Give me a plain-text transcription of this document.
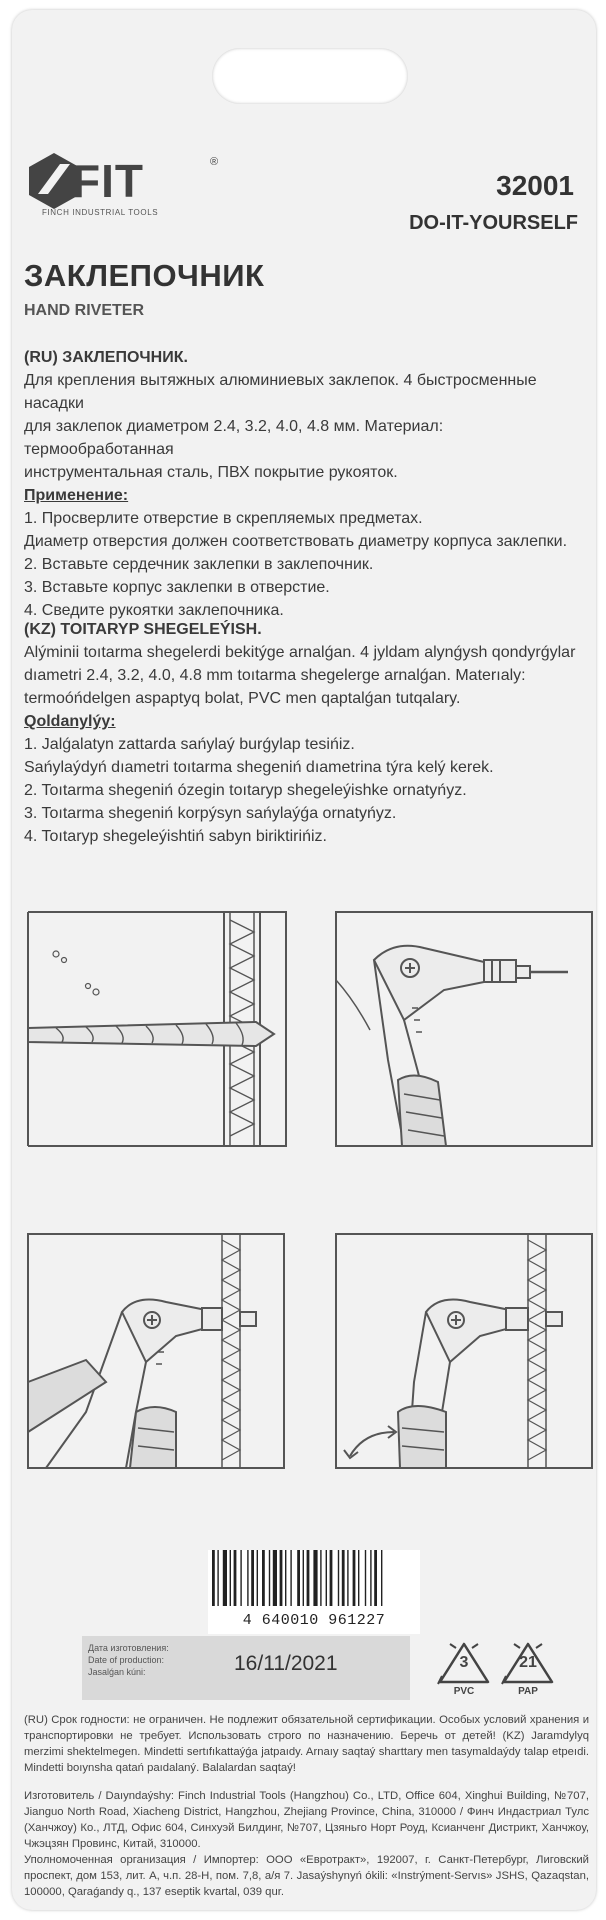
FIT	®
FINCH INDUSTRIAL TOOLS
32001
DO-IT-YOURSELF
ЗАКЛЕПОЧНИК
HAND RIVETER

(RU) ЗАКЛЕПОЧНИК.

Для крепления вытяжных алюминиевых заклепок. 4 быстросменные насадки

для заклепок диаметром 2.4, 3.2, 4.0, 4.8 мм. Материал: термообработанная

инструментальная сталь, ПВХ покрытие рукояток.

Применение:

1. Просверлите отверстие в скрепляемых предметах.

Диаметр отверстия должен соответствовать диаметру корпуса заклепки.

2. Вставьте сердечник заклепки в заклепочник.

3. Вставьте корпус заклепки в отверстие.

4. Сведите рукоятки заклепочника.

(KZ) TOITARYP SHEGELEÝISH.

Alýminii toıtarma shegelerdi bekitýge arnalǵan. 4 jyldam alynǵysh qondyrǵylar

dıametri 2.4, 3.2, 4.0, 4.8 mm toıtarma shegelerge arnalǵan. Materıaly:

termoóńdelgen aspaptyq bolat, PVC men qaptalǵan tutqalary.

Qoldanylýy:

1. Jalǵalatyn zattarda sańylaý burǵylap tesińiz.

Sańylaýdyń dıametri toıtarma shegeniń dıametrina týra kelý kerek.

2. Toıtarma shegeniń ózegin toıtaryp shegeleýishke ornatyńyz.

3. Toıtarma shegeniń korpýsyn sańylaýǵa ornatyńyz.

4. Toıtaryp shegeleýishtiń sabyn biriktirińiz.

4 640010 961227
Дата изготовления:
Date of production:
Jasalǵan kúni:	16/11/2021	3
PVC
21
PAP

(RU) Срок годности: не ограничен. Не подлежит обязательной сертификации. Особых условий хранения и транспортировки не требует. Использовать строго по назначению. Беречь от детей! (KZ) Jaramdylyq merzimi shektelmegen. Mindetti sertıfıkattaýǵa jatpaıdy. Arnaıy saqtaý sharttary men tasymaldaýdy talap etpeıdi. Mindetti boıynsha qatań paıdalaný. Balalardan saqtaý!

Изготовитель / Daıyndaýshy: Finch Industrial Tools (Hangzhou) Co., LTD, Office 604, Xinghui Building, №707, Jianguo North Road, Xiacheng District, Hangzhou, Zhejiang Province, China, 310000 / Финч Индастриал Тулс (Ханчжоу) Ко., ЛТД, Офис 604, Синхуэй Билдинг, №707, Цзяньго Норт Роуд, Ксианченг Дистрикт, Ханчжоу, Чжэцзян Провинс, Китай, 310000.

Уполномоченная организация / Импортер: ООО «Евротракт», 192007, г. Санкт-Петербург, Лиговский проспект, дом 153, лит. А, ч.п. 28-Н, пом. 7,8, а/я 7. Jasaýshynyń ókili: «Instrýment-Servıs» JSHS, Qazaqstan, 100000, Qaraǵandy q., 137 eseptik kvartal, 039 qur.
